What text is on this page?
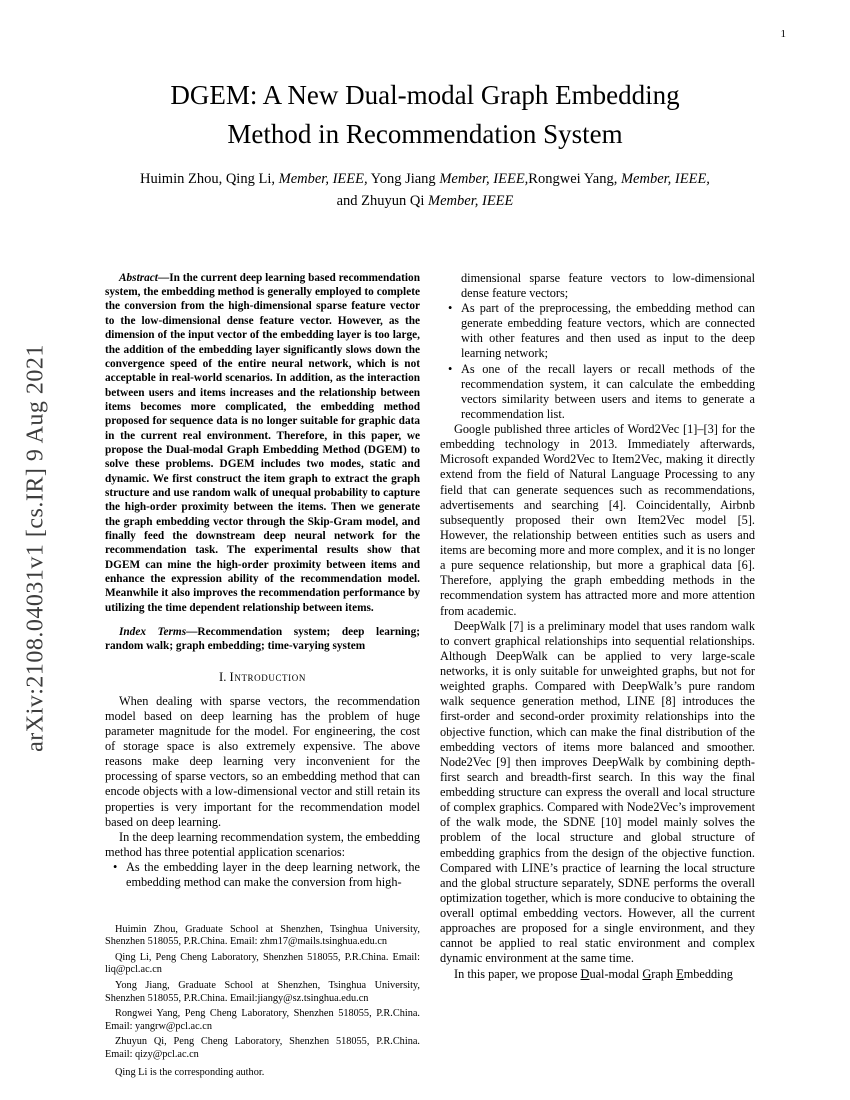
1
arXiv:2108.04031v1 [cs.IR] 9 Aug 2021
DGEM: A New Dual-modal Graph Embedding
Method in Recommendation System
Huimin Zhou, Qing Li, Member, IEEE, Yong Jiang Member, IEEE,Rongwei Yang, Member, IEEE,
and Zhuyun Qi Member, IEEE

Abstract—In the current deep learning based recommendation system, the embedding method is generally employed to complete the conversion from the high-dimensional sparse feature vector to the low-dimensional dense feature vector. However, as the dimension of the input vector of the embedding layer is too large, the addition of the embedding layer significantly slows down the convergence speed of the entire neural network, which is not acceptable in real-world scenarios. In addition, as the interaction between users and items increases and the relationship between items becomes more complicated, the embedding method proposed for sequence data is no longer suitable for graphic data in the current real environment. Therefore, in this paper, we propose the Dual-modal Graph Embedding Method (DGEM) to solve these problems. DGEM includes two modes, static and dynamic. We first construct the item graph to extract the graph structure and use random walk of unequal probability to capture the high-order proximity between the items. Then we generate the graph embedding vector through the Skip-Gram model, and finally feed the downstream deep neural network for the recommendation task. The experimental results show that DGEM can mine the high-order proximity between items and enhance the expression ability of the recommendation model. Meanwhile it also improves the recommendation performance by utilizing the time dependent relationship between items.

Index Terms—Recommendation system; deep learning; random walk; graph embedding; time-varying system

I. Introduction

When dealing with sparse vectors, the recommendation model based on deep learning has the problem of huge parameter magnitude for the model. For engineering, the cost of storage space is also extremely expensive. The above reasons make deep learning very inconvenient for the processing of sparse vectors, so an embedding method that can encode objects with a low-dimensional vector and still retain its properties is very important for the recommendation model based on deep learning.

In the deep learning recommendation system, the embedding method has three potential application scenarios:

• As the embedding layer in the deep learning network, the embedding method can make the conversion from high-

Huimin Zhou, Graduate School at Shenzhen, Tsinghua University, Shenzhen 518055, P.R.China. Email: zhm17@mails.tsinghua.edu.cn

Qing Li, Peng Cheng Laboratory, Shenzhen 518055, P.R.China. Email: liq@pcl.ac.cn

Yong Jiang, Graduate School at Shenzhen, Tsinghua University, Shenzhen 518055, P.R.China. Email:jiangy@sz.tsinghua.edu.cn

Rongwei Yang, Peng Cheng Laboratory, Shenzhen 518055, P.R.China. Email: yangrw@pcl.ac.cn

Zhuyun Qi, Peng Cheng Laboratory, Shenzhen 518055, P.R.China. Email: qizy@pcl.ac.cn

Qing Li is the corresponding author.

dimensional sparse feature vectors to low-dimensional dense feature vectors;

• As part of the preprocessing, the embedding method can generate embedding feature vectors, which are connected with other features and then used as input to the deep learning network;
• As one of the recall layers or recall methods of the recommendation system, it can calculate the embedding vectors similarity between users and items to generate a recommendation list.

Google published three articles of Word2Vec [1]–[3] for the embedding technology in 2013. Immediately afterwards, Microsoft expanded Word2Vec to Item2Vec, making it directly extend from the field of Natural Language Processing to any field that can generate sequences such as recommendations, advertisements and searching [4]. Coincidentally, Airbnb subsequently proposed their own Item2Vec model [5]. However, the relationship between entities such as users and items are becoming more and more complex, and it is no longer a pure sequence relationship, but more a graphical data [6]. Therefore, applying the graph embedding methods in the recommendation system has attracted more and more attention from academic.

DeepWalk [7] is a preliminary model that uses random walk to convert graphical relationships into sequential relationships. Although DeepWalk can be applied to very large-scale networks, it is only suitable for unweighted graphs, but not for weighted graphs. Compared with DeepWalk’s pure random walk sequence generation method, LINE [8] introduces the first-order and second-order proximity relationships into the objective function, which can make the final distribution of the embedding vectors of items more balanced and smoother. Node2Vec [9] then improves DeepWalk by combining depth-first search and breadth-first search. In this way the final embedding structure can express the overall and local structure of complex graphics. Compared with Node2Vec’s improvement of the walk mode, the SDNE [10] model mainly solves the problem of the local structure and global structure of embedding graphics from the design of the objective function. Compared with LINE’s practice of learning the local structure and the global structure separately, SDNE performs the overall optimization together, which is more conducive to obtaining the overall optimal embedding vectors. However, all the current approaches are proposed for a single environment, and they cannot be applied to real static environment and complex dynamic environment at the same time.

In this paper, we propose Dual-modal Graph Embedding
